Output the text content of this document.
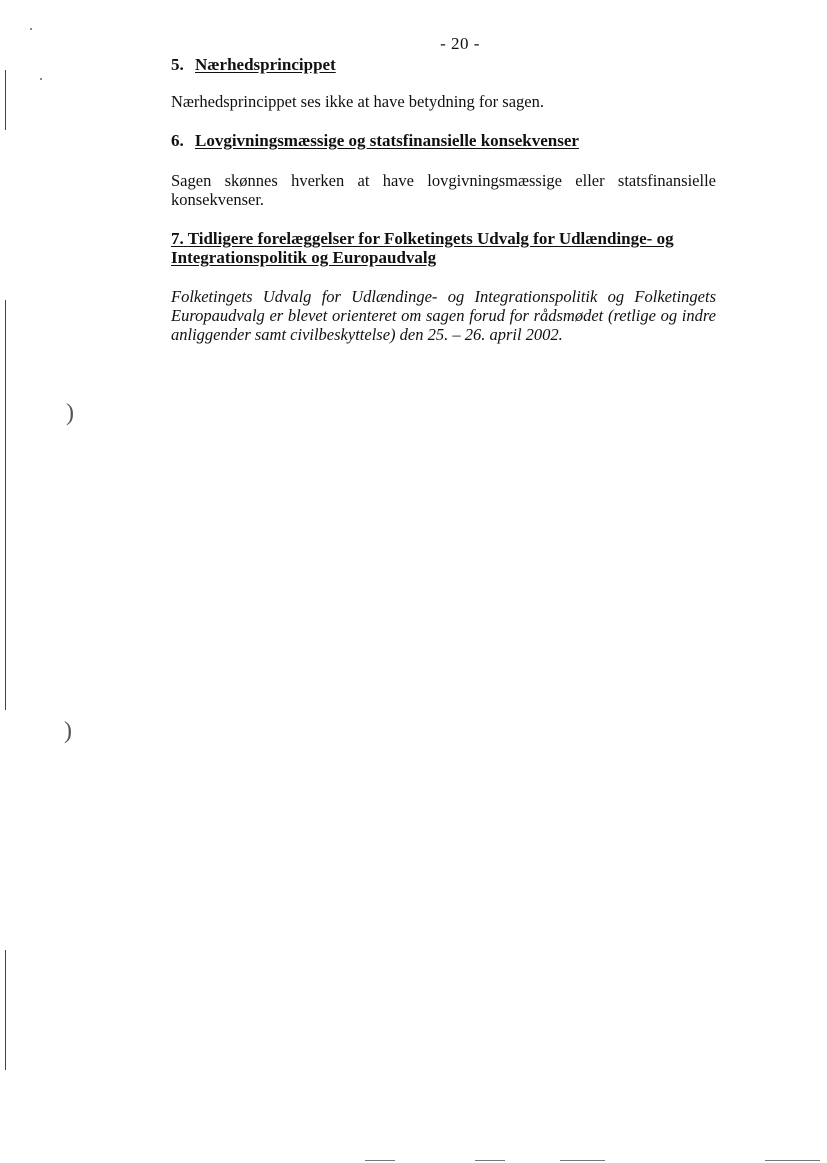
)
)
- 20 -
5. Nærhedsprincippet

Nærhedsprincippet ses ikke at have betydning for sagen.

6. Lovgivningsmæssige og statsfinansielle konsekvenser

Sagen skønnes hverken at have lovgivningsmæssige eller statsfinansielle konsekvenser.

7. Tidligere forelæggelser for Folketingets Udvalg for Udlændinge- og Integrationspolitik og Europaudvalg

Folketingets Udvalg for Udlændinge- og Integrationspolitik og Folketingets Europaudvalg er blevet orienteret om sagen forud for rådsmødet (retlige og indre anliggender samt civilbeskyttelse) den 25. – 26. april 2002.
